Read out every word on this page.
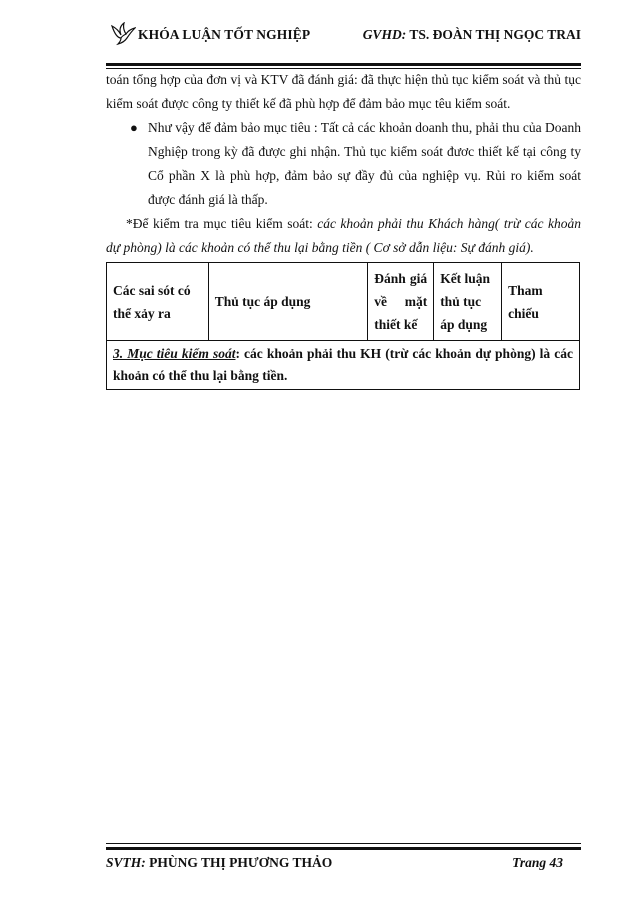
KHÓA LUẬN TỐT NGHIỆP	GVHD: TS. ĐOÀN THỊ NGỌC TRAI

toán tổng hợp của đơn vị và KTV đã đánh giá: đã thực hiện thủ tục kiểm soát và thủ tục kiểm soát được công ty thiết kế đã phù hợp để đảm bảo mục têu kiểm soát.

● Như vậy để đảm bảo mục tiêu : Tất cả các khoản doanh thu, phải thu của Doanh Nghiệp trong kỳ đã được ghi nhận. Thủ tục kiểm soát đươc thiết kế tại công ty Cổ phần X là phù hợp, đảm bảo sự đầy đủ của nghiệp vụ. Rủi ro kiểm soát được đánh giá là thấp.

*Để kiểm tra mục tiêu kiểm soát: các khoản phải thu Khách hàng( trừ các khoản dự phòng) là các khoản có thể thu lại bằng tiền ( Cơ sở dẫn liệu: Sự đánh giá).

Các sai sót có thể xảy ra	Thủ tục áp dụng	Đánh giá về mặt thiết kế	Kết luận thủ tục áp dụng	Tham chiếu
3. Mục tiêu kiểm soát: các khoản phải thu KH (trừ các khoản dự phòng) là các khoản có thể thu lại bằng tiền.
SVTH: PHÙNG THỊ PHƯƠNG THẢO	Trang 43
